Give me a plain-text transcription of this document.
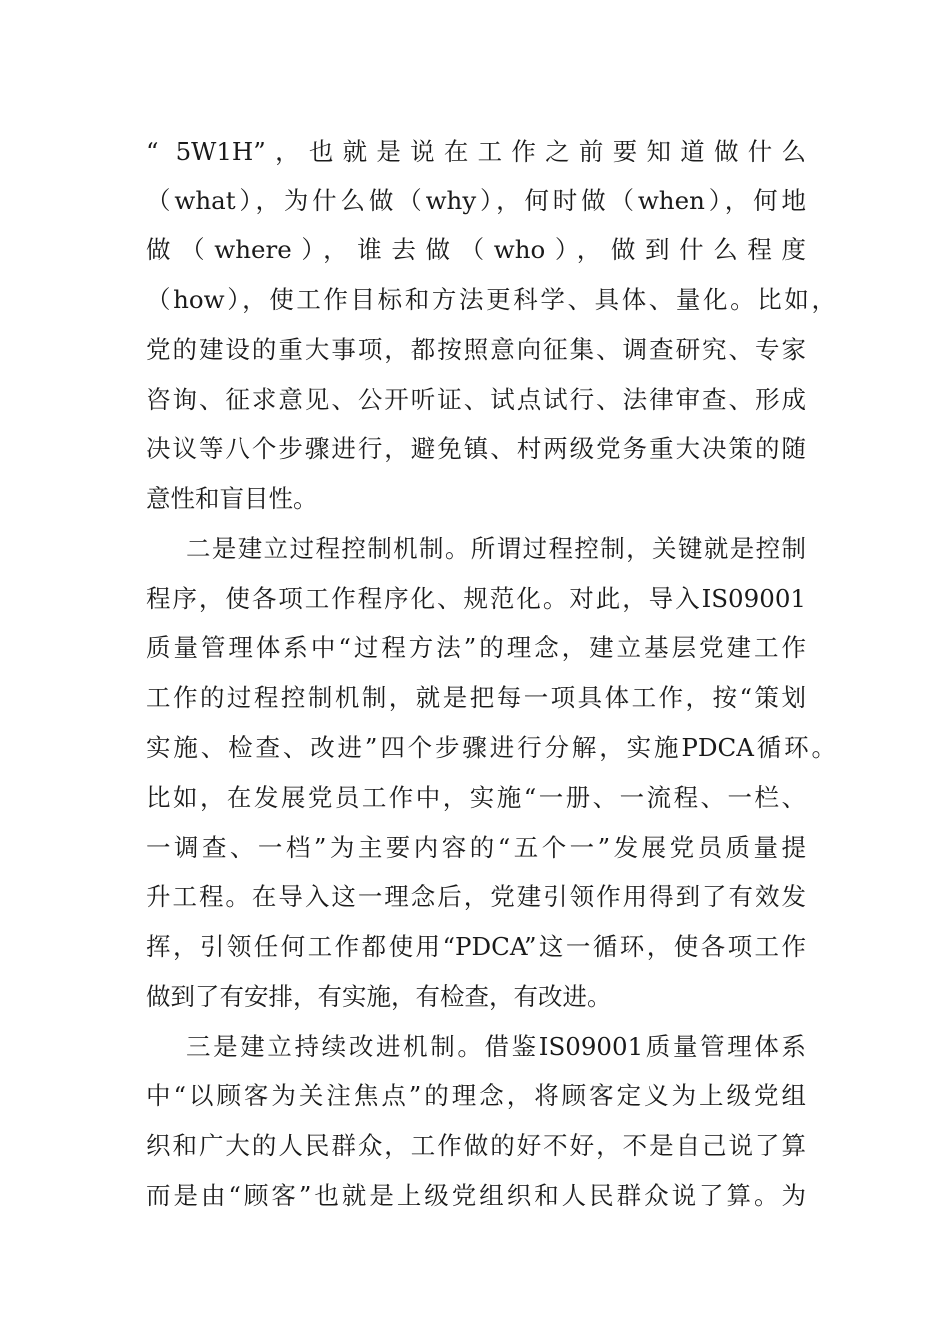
“ 5W1H”，也就是说在工作之前要知道做什么
（what），为什么做（why），何时做（when），何地
做（where），谁去做（who），做到什么程度
（how），使工作目标和方法更科学、具体、量化。比如，
党的建设的重大事项，都按照意向征集、调查研究、专家
咨询、征求意见、公开听证、试点试行、法律审查、形成
决议等八个步骤进行，避免镇、村两级党务重大决策的随
意性和盲目性。
二是建立过程控制机制。所谓过程控制，关键就是控制
程序，使各项工作程序化、规范化。对此，导入IS09001
质量管理体系中“过程方法”的理念，建立基层党建工作
工作的过程控制机制，就是把每一项具体工作，按“策划
实施、检查、改进”四个步骤进行分解，实施PDCA循环。
比如，在发展党员工作中，实施“一册、一流程、一栏、
一调查、一档”为主要内容的“五个一”发展党员质量提
升工程。在导入这一理念后，党建引领作用得到了有效发
挥，引领任何工作都使用“PDCA”这一循环，使各项工作
做到了有安排，有实施，有检查，有改进。
三是建立持续改进机制。借鉴IS09001质量管理体系
中“以顾客为关注焦点”的理念，将顾客定义为上级党组
织和广大的人民群众，工作做的好不好，不是自己说了算
而是由“顾客”也就是上级党组织和人民群众说了算。为
